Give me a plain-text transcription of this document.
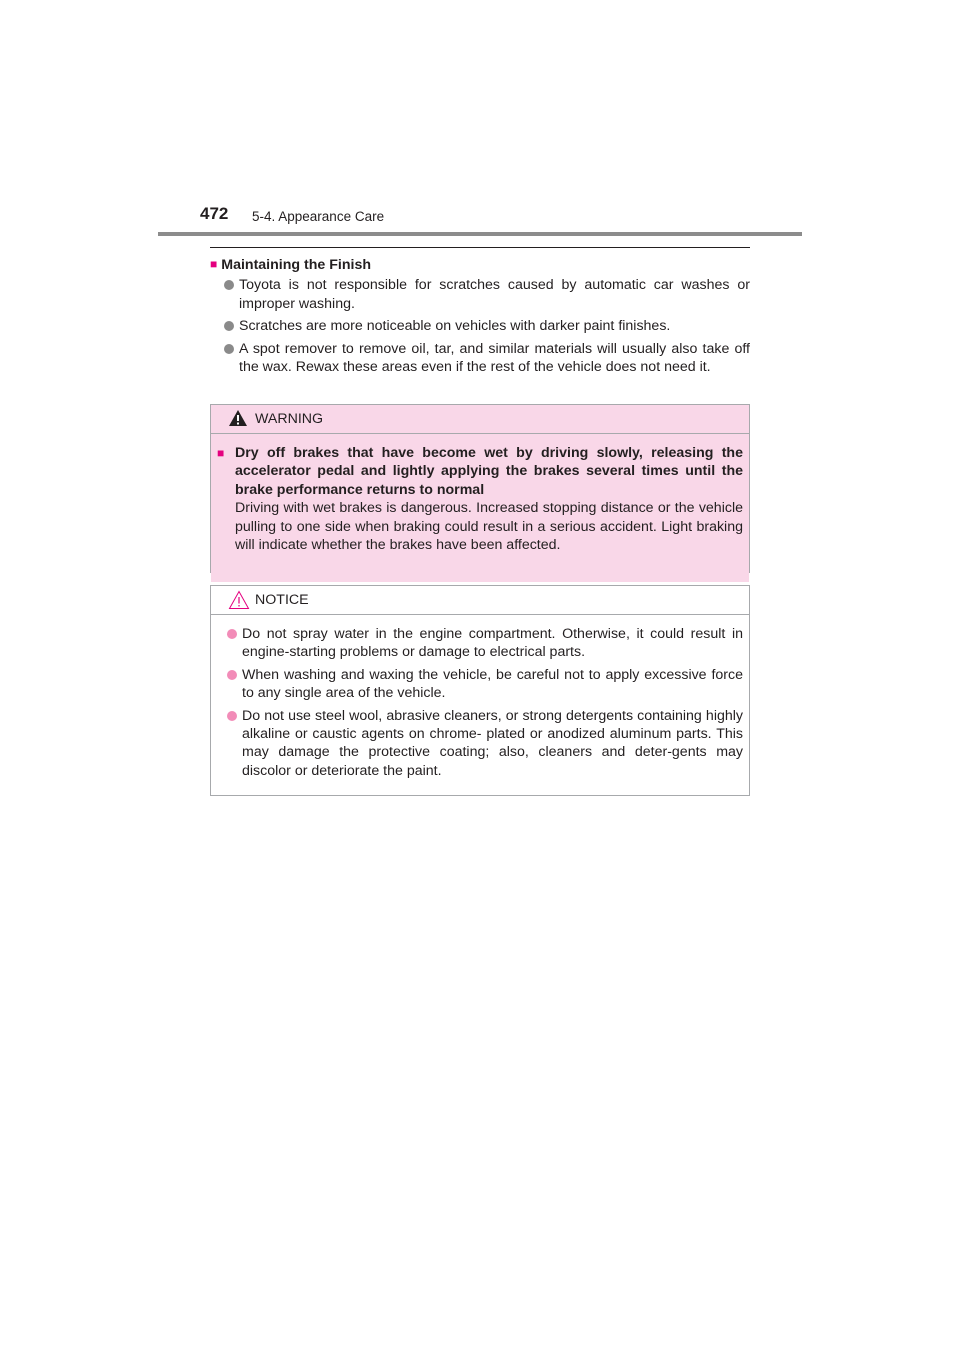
472 5-4. Appearance Care
■ Maintaining the Finish
Toyota is not responsible for scratches caused by automatic car washes or improper washing.
Scratches are more noticeable on vehicles with darker paint finishes.
A spot remover to remove oil, tar, and similar materials will usually also take off the wax. Rewax these areas even if the rest of the vehicle does not need it.
WARNING
■ Dry off brakes that have become wet by driving slowly, releasing the accelerator pedal and lightly applying the brakes several times until the brake performance returns to normal
Driving with wet brakes is dangerous. Increased stopping distance or the vehicle pulling to one side when braking could result in a serious accident. Light braking will indicate whether the brakes have been affected.
NOTICE
Do not spray water in the engine compartment. Otherwise, it could result in engine-starting problems or damage to electrical parts.
When washing and waxing the vehicle, be careful not to apply excessive force to any single area of the vehicle.
Do not use steel wool, abrasive cleaners, or strong detergents containing highly alkaline or caustic agents on chrome- plated or anodized aluminum parts. This may damage the protective coating; also, cleaners and deter-gents may discolor or deteriorate the paint.
